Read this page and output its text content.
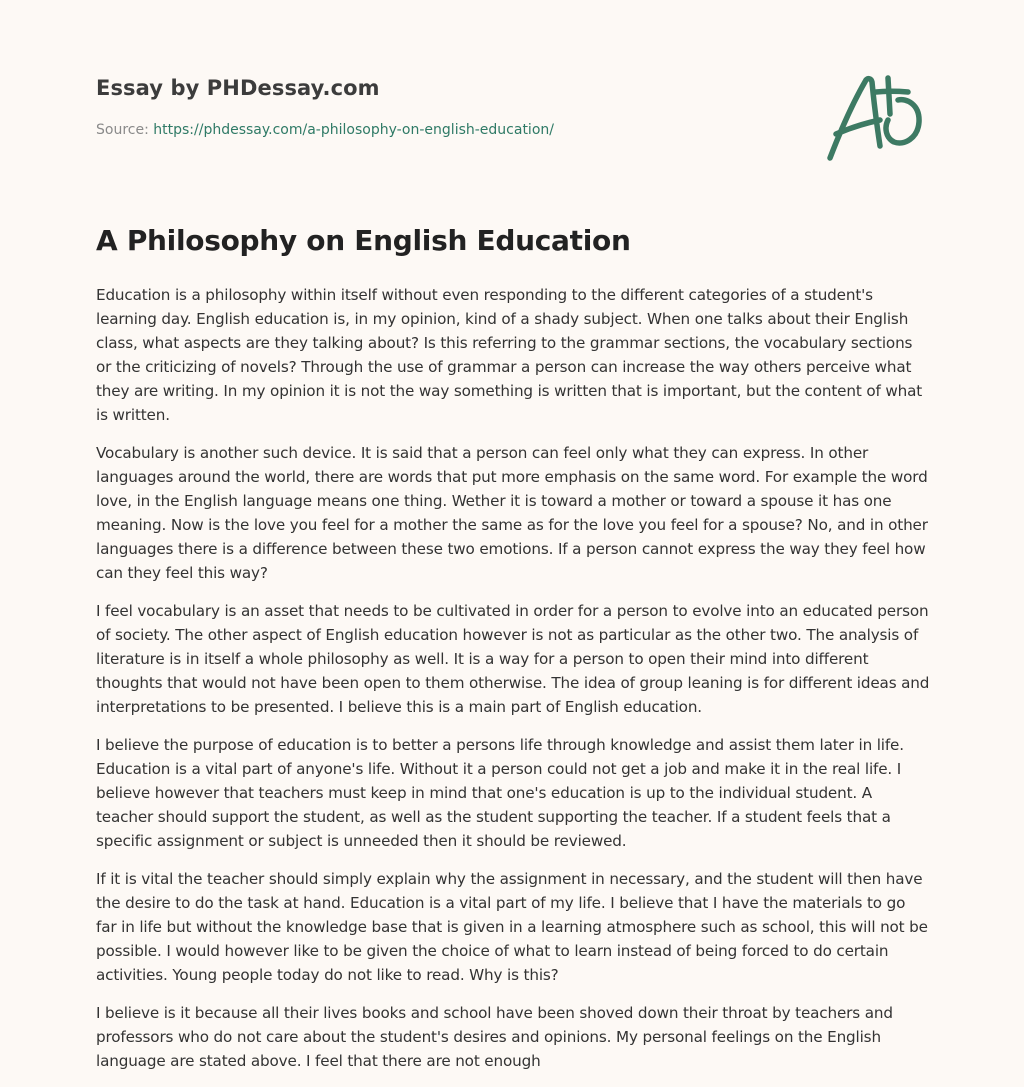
Essay by PHDessay.com
Source: https://phdessay.com/a-philosophy-on-english-education/
A Philosophy on English Education

Education is a philosophy within itself without even responding to the different categories of a student's learning day. English education is, in my opinion, kind of a shady subject. When one talks about their English class, what aspects are they talking about? Is this referring to the grammar sections, the vocabulary sections or the criticizing of novels? Through the use of grammar a person can increase the way others perceive what they are writing. In my opinion it is not the way something is written that is important, but the content of what is written.

Vocabulary is another such device. It is said that a person can feel only what they can express. In other languages around the world, there are words that put more emphasis on the same word. For example the word love, in the English language means one thing. Wether it is toward a mother or toward a spouse it has one meaning. Now is the love you feel for a mother the same as for the love you feel for a spouse? No, and in other languages there is a difference between these two emotions. If a person cannot express the way they feel how can they feel this way?

I feel vocabulary is an asset that needs to be cultivated in order for a person to evolve into an educated person of society. The other aspect of English education however is not as particular as the other two. The analysis of literature is in itself a whole philosophy as well. It is a way for a person to open their mind into different thoughts that would not have been open to them otherwise. The idea of group leaning is for different ideas and interpretations to be presented. I believe this is a main part of English education.

I believe the purpose of education is to better a persons life through knowledge and assist them later in life. Education is a vital part of anyone's life. Without it a person could not get a job and make it in the real life. I believe however that teachers must keep in mind that one's education is up to the individual student. A teacher should support the student, as well as the student supporting the teacher. If a student feels that a specific assignment or subject is unneeded then it should be reviewed.

If it is vital the teacher should simply explain why the assignment in necessary, and the student will then have the desire to do the task at hand. Education is a vital part of my life. I believe that I have the materials to go far in life but without the knowledge base that is given in a learning atmosphere such as school, this will not be possible. I would however like to be given the choice of what to learn instead of being forced to do certain activities. Young people today do not like to read. Why is this?

I believe is it because all their lives books and school have been shoved down their throat by teachers and professors who do not care about the student's desires and opinions. My personal feelings on the English language are stated above. I feel that there are not enough
